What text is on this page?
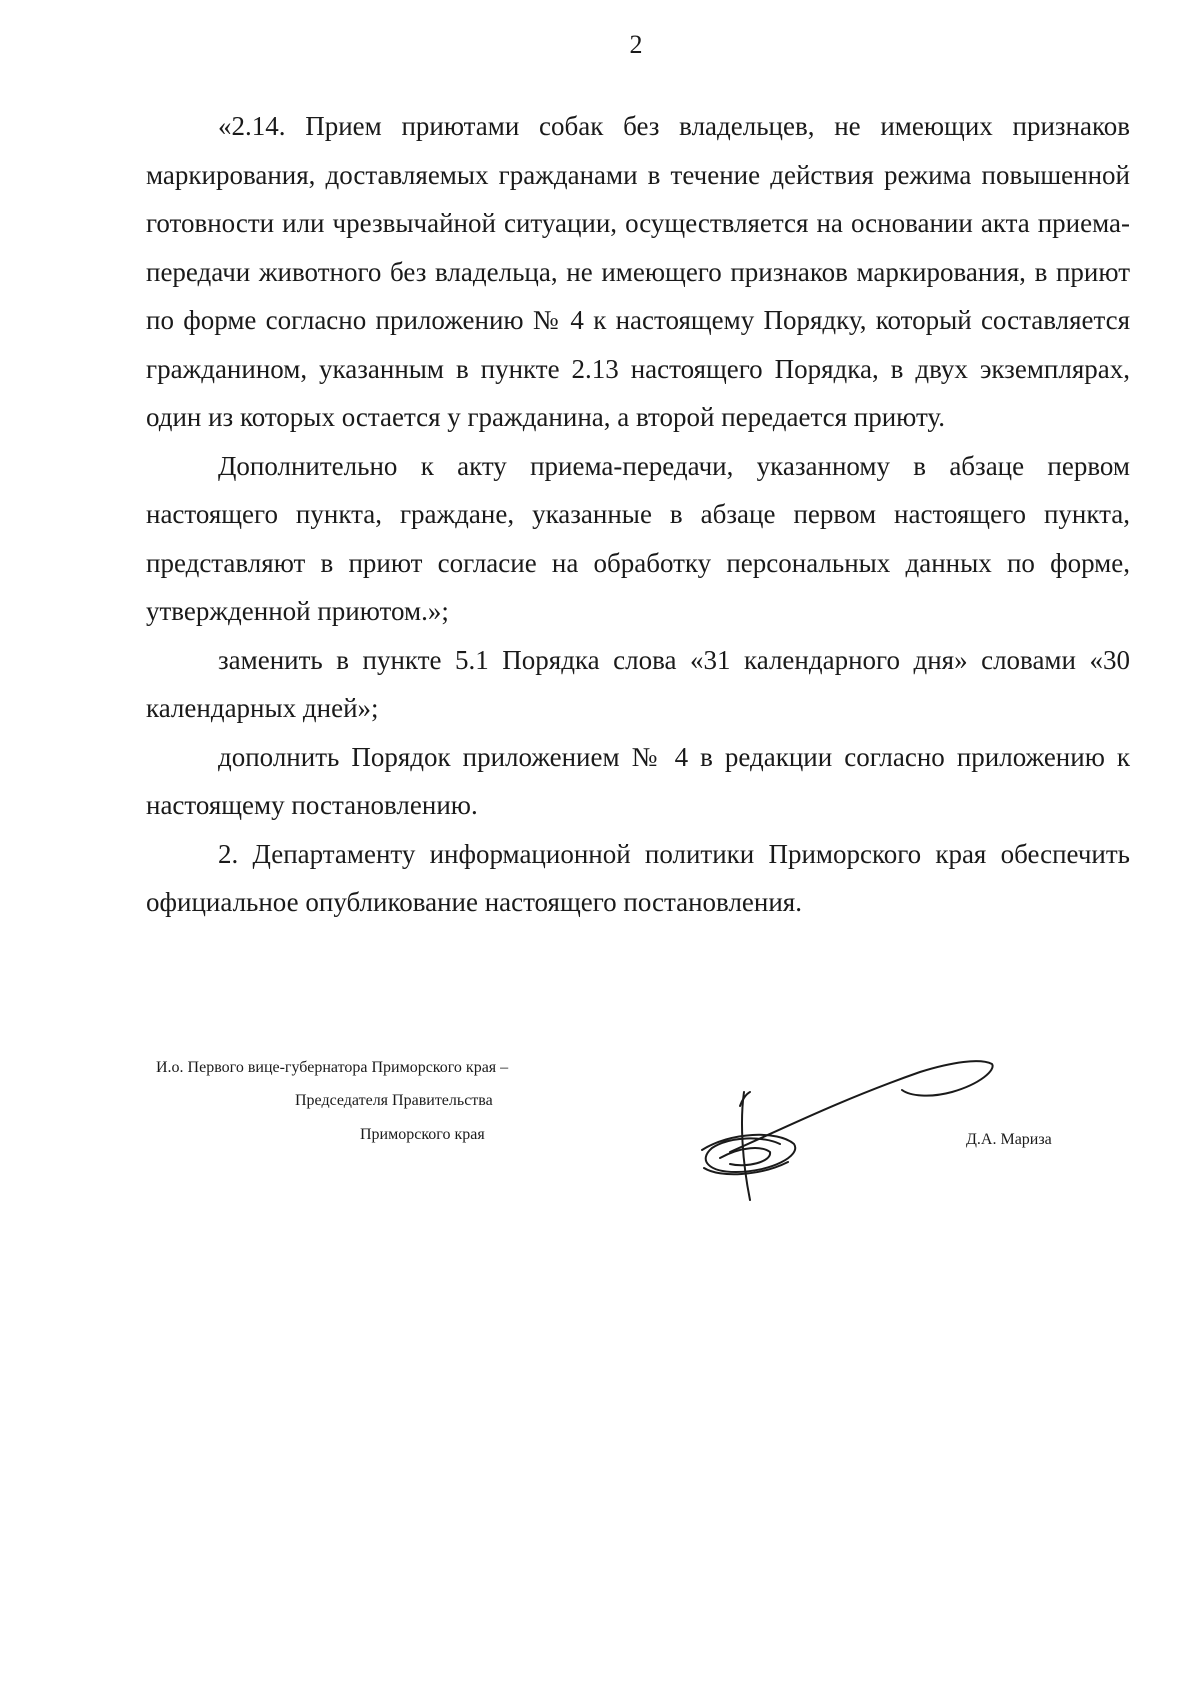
2

«2.14. Прием приютами собак без владельцев, не имеющих признаков маркирования, доставляемых гражданами в течение действия режима повышенной готовности или чрезвычайной ситуации, осуществляется на основании акта приема-передачи животного без владельца, не имеющего признаков маркирования, в приют по форме согласно приложению № 4 к настоящему Порядку, который составляется гражданином, указанным в пункте 2.13 настоящего Порядка, в двух экземплярах, один из которых остается у гражданина, а второй передается приюту.

Дополнительно к акту приема-передачи, указанному в абзаце первом настоящего пункта, граждане, указанные в абзаце первом настоящего пункта, представляют в приют согласие на обработку персональных данных по форме, утвержденной приютом.»;

заменить в пункте 5.1 Порядка слова «31 календарного дня» словами «30 календарных дней»;

дополнить Порядок приложением № 4 в редакции согласно приложению к настоящему постановлению.

2. Департаменту информационной политики Приморского края обеспечить официальное опубликование настоящего постановления.

И.о. Первого вице-губернатора Приморского края –
Председателя Правительства
Приморского края	Д.А. Мариза
